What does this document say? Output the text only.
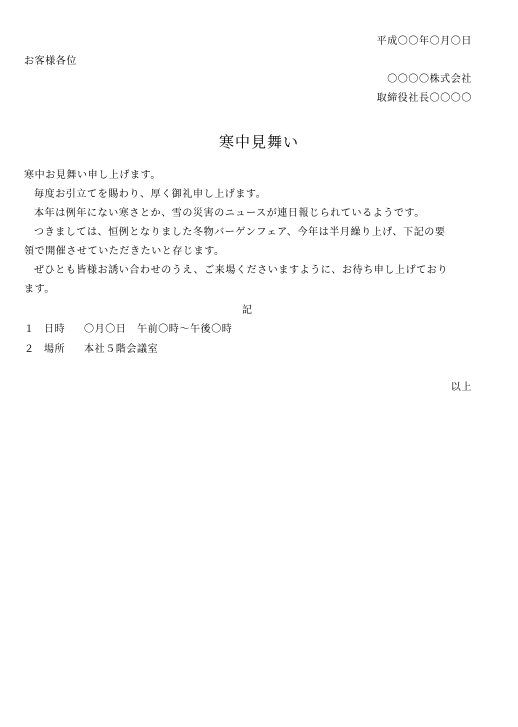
平成〇〇年〇月〇日
お客様各位
〇〇〇〇株式会社
取締役社長〇〇〇〇
寒中見舞い
寒中お見舞い申し上げます。
毎度お引立てを賜わり、厚く御礼申し上げます。
本年は例年にない寒さとか、雪の災害のニュースが連日報じられているようです。
つきましては、恒例となりました冬物バーゲンフェア、今年は半月繰り上げ、下記の要
領で開催させていただきたいと存じます。
ぜひとも皆様お誘い合わせのうえ、ご来場くださいますように、お待ち申し上げており
ます。
記
１ 日時 〇月〇日　午前〇時～午後〇時
２ 場所 本社５階会議室
以上
